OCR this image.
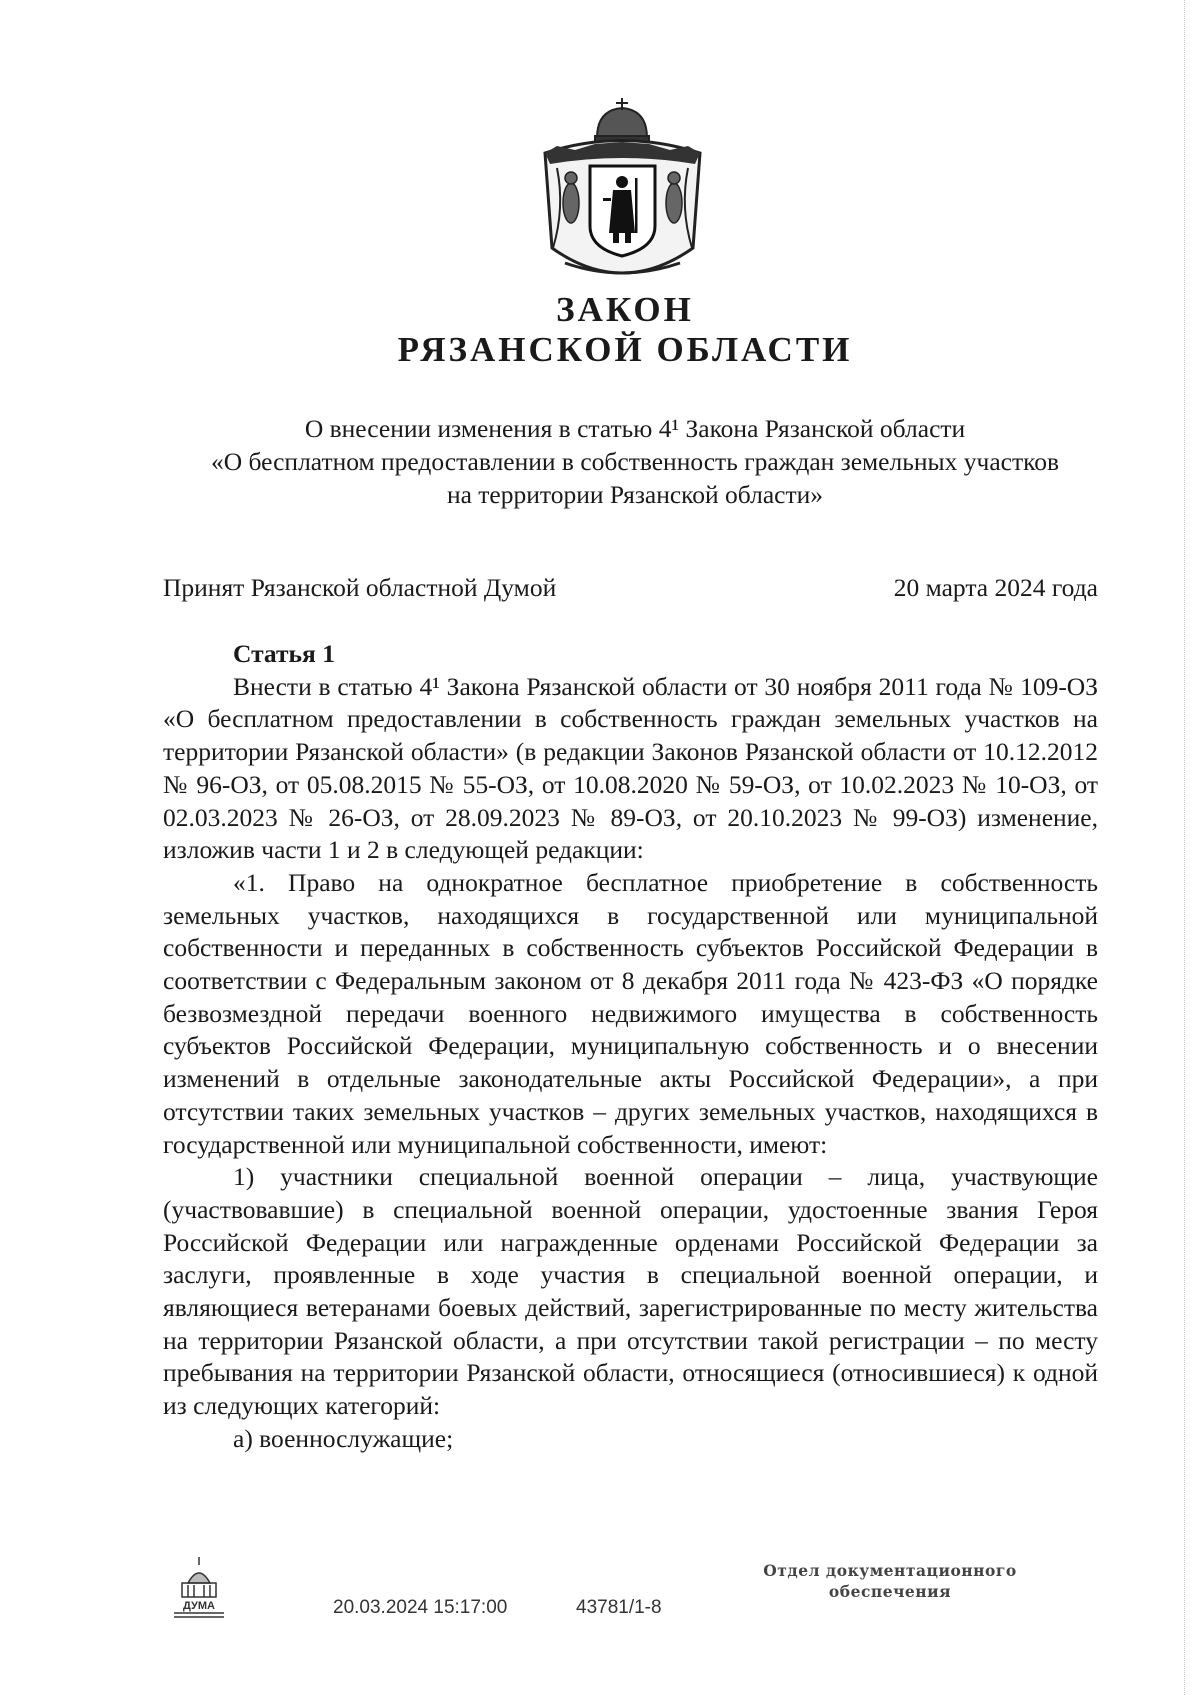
ЗАКОН
РЯЗАНСКОЙ ОБЛАСТИ
О внесении изменения в статью 4¹ Закона Рязанской области
«О бесплатном предоставлении в собственность граждан земельных участков
на территории Рязанской области»
Принят Рязанской областной Думой	20 марта 2024 года

Статья 1

Внести в статью 4¹ Закона Рязанской области от 30 ноября 2011 года № 109-ОЗ «О бесплатном предоставлении в собственность граждан земельных участков на территории Рязанской области» (в редакции Законов Рязанской области от 10.12.2012 № 96-ОЗ, от 05.08.2015 № 55-ОЗ, от 10.08.2020 № 59-ОЗ, от 10.02.2023 № 10-ОЗ, от 02.03.2023 № 26-ОЗ, от 28.09.2023 № 89-ОЗ, от 20.10.2023 № 99-ОЗ) изменение, изложив части 1 и 2 в следующей редакции:

«1. Право на однократное бесплатное приобретение в собственность земельных участков, находящихся в государственной или муниципальной собственности и переданных в собственность субъектов Российской Федерации в соответствии с Федеральным законом от 8 декабря 2011 года № 423-ФЗ «О порядке безвозмездной передачи военного недвижимого имущества в собственность субъектов Российской Федерации, муниципальную собственность и о внесении изменений в отдельные законодательные акты Российской Федерации», а при отсутствии таких земельных участков – других земельных участков, находящихся в государственной или муниципальной собственности, имеют:

1) участники специальной военной операции – лица, участвующие (участвовавшие) в специальной военной операции, удостоенные звания Героя Российской Федерации или награжденные орденами Российской Федерации за заслуги, проявленные в ходе участия в специальной военной операции, и являющиеся ветеранами боевых действий, зарегистрированные по месту жительства на территории Рязанской области, а при отсутствии такой регистрации – по месту пребывания на территории Рязанской области, относящиеся (относившиеся) к одной из следующих категорий:

а) военнослужащие;

ДУМА	20.03.2024 15:17:00	43781/1-8
Отдел документационного
обеспечения
